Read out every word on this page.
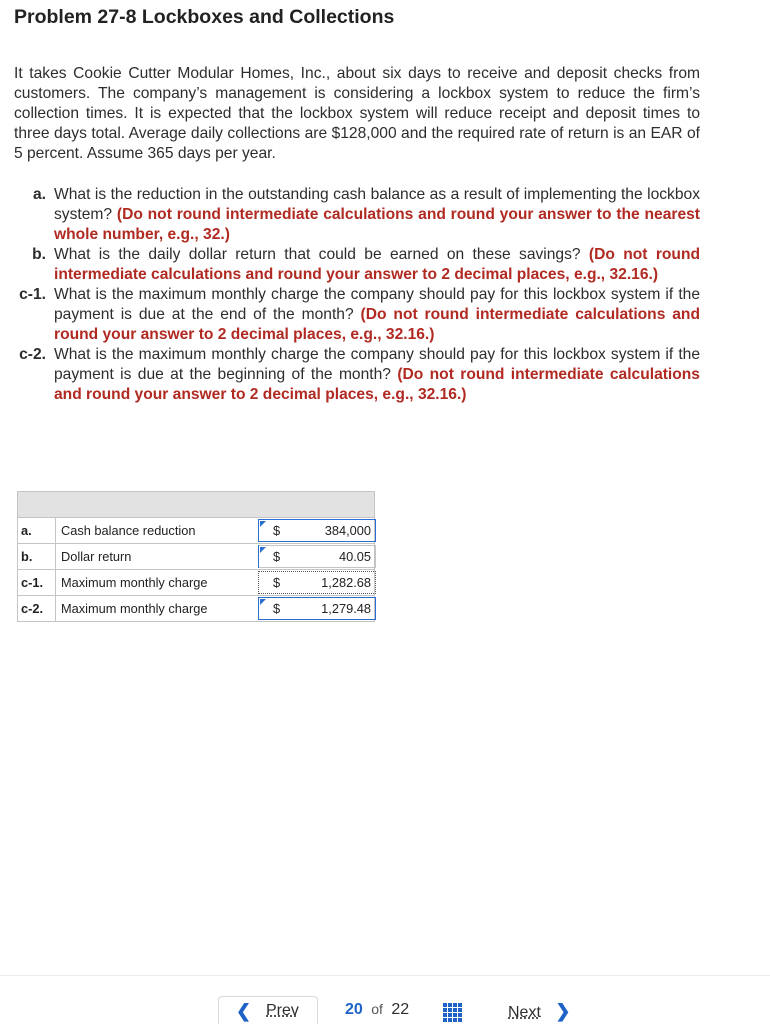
Problem 27-8 Lockboxes and Collections
It takes Cookie Cutter Modular Homes, Inc., about six days to receive and deposit checks from customers. The company’s management is considering a lockbox system to reduce the firm’s collection times. It is expected that the lockbox system will reduce receipt and deposit times to three days total. Average daily collections are $128,000 and the required rate of return is an EAR of 5 percent. Assume 365 days per year.
a. What is the reduction in the outstanding cash balance as a result of implementing the lockbox system? (Do not round intermediate calculations and round your answer to the nearest whole number, e.g., 32.)
b. What is the daily dollar return that could be earned on these savings? (Do not round intermediate calculations and round your answer to 2 decimal places, e.g., 32.16.)
c-1. What is the maximum monthly charge the company should pay for this lockbox system if the payment is due at the end of the month? (Do not round intermediate calculations and round your answer to 2 decimal places, e.g., 32.16.)
c-2. What is the maximum monthly charge the company should pay for this lockbox system if the payment is due at the beginning of the month? (Do not round intermediate calculations and round your answer to 2 decimal places, e.g., 32.16.)
a.	Cash balance reduction	$	384,000
b.	Dollar return	$	40.05
c-1.	Maximum monthly charge	$	1,282.68
c-2.	Maximum monthly charge	$	1,279.48
❮ Prev	20 of 22	Next ❯
